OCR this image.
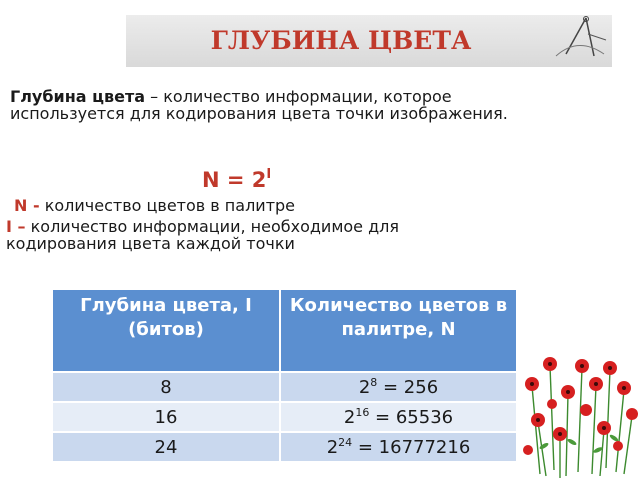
ГЛУБИНА ЦВЕТА
Глубина цвета – количество информации, которое используется для кодирования цвета точки изображения.
$N = 2^I$
N - количество цветов в палитре
I – количество информации, необходимое для кодирования цвета каждой точки
Глубина цвета, I (битов)	Количество цветов в палитре, N
8	$2^8 = 256$
16	$2^{16} = 65536$
24	$2^{24} = 16777216$
